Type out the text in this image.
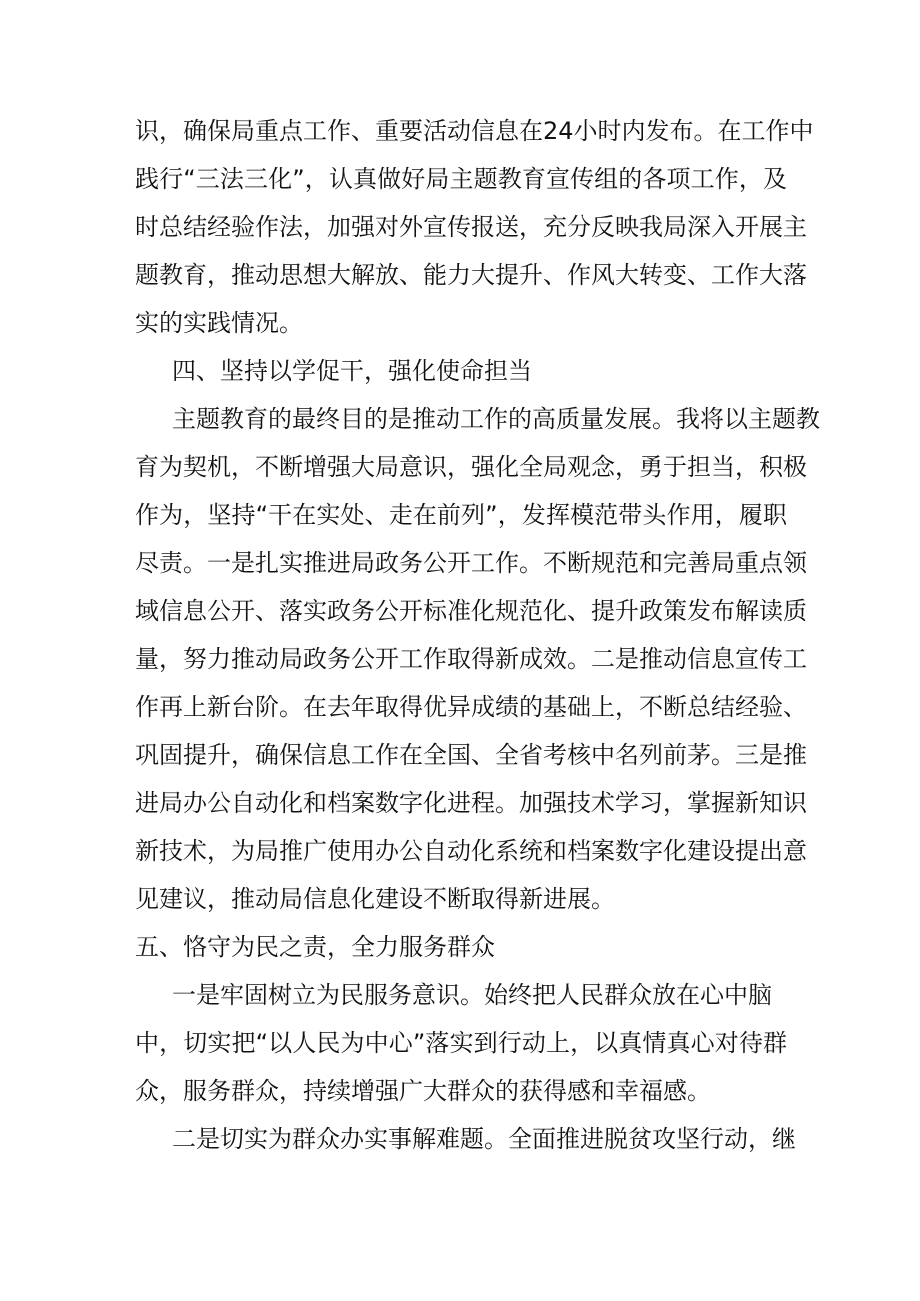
识，确保局重点工作、重要活动信息在24小时内发布。在工作中
践行“三法三化”，认真做好局主题教育宣传组的各项工作，及
时总结经验作法，加强对外宣传报送，充分反映我局深入开展主
题教育，推动思想大解放、能力大提升、作风大转变、工作大落
实的实践情况。
四、坚持以学促干，强化使命担当
主题教育的最终目的是推动工作的高质量发展。我将以主题教
育为契机，不断增强大局意识，强化全局观念，勇于担当，积极
作为，坚持“干在实处、走在前列”，发挥模范带头作用，履职
尽责。一是扎实推进局政务公开工作。不断规范和完善局重点领
域信息公开、落实政务公开标准化规范化、提升政策发布解读质
量，努力推动局政务公开工作取得新成效。二是推动信息宣传工
作再上新台阶。在去年取得优异成绩的基础上，不断总结经验、
巩固提升，确保信息工作在全国、全省考核中名列前茅。三是推
进局办公自动化和档案数字化进程。加强技术学习，掌握新知识
新技术，为局推广使用办公自动化系统和档案数字化建设提出意
见建议，推动局信息化建设不断取得新进展。
五、恪守为民之责，全力服务群众
一是牢固树立为民服务意识。始终把人民群众放在心中脑
中，切实把“以人民为中心”落实到行动上，以真情真心对待群
众，服务群众，持续增强广大群众的获得感和幸福感。
二是切实为群众办实事解难题。全面推进脱贫攻坚行动，继
